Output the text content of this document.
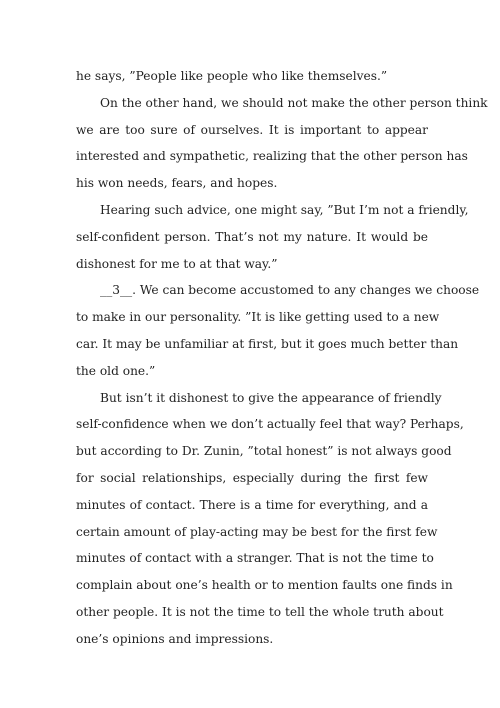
he says, ”People like people who like themselves.”
On the other hand, we should not make the other person think
we are too sure of ourselves. It is important to appear
interested and sympathetic, realizing that the other person has
his won needs, fears, and hopes.
Hearing such advice, one might say, ”But I’m not a friendly,
self-confident person. That’s not my nature. It would be
dishonest for me to at that way.”
__3__. We can become accustomed to any changes we choose
to make in our personality. ”It is like getting used to a new
car. It may be unfamiliar at first, but it goes much better than
the old one.”
But isn’t it dishonest to give the appearance of friendly
self-confidence when we don’t actually feel that way? Perhaps,
but according to Dr. Zunin, ”total honest” is not always good
for social relationships, especially during the first few
minutes of contact. There is a time for everything, and a
certain amount of play-acting may be best for the first few
minutes of contact with a stranger. That is not the time to
complain about one’s health or to mention faults one finds in
other people. It is not the time to tell the whole truth about
one’s opinions and impressions.
